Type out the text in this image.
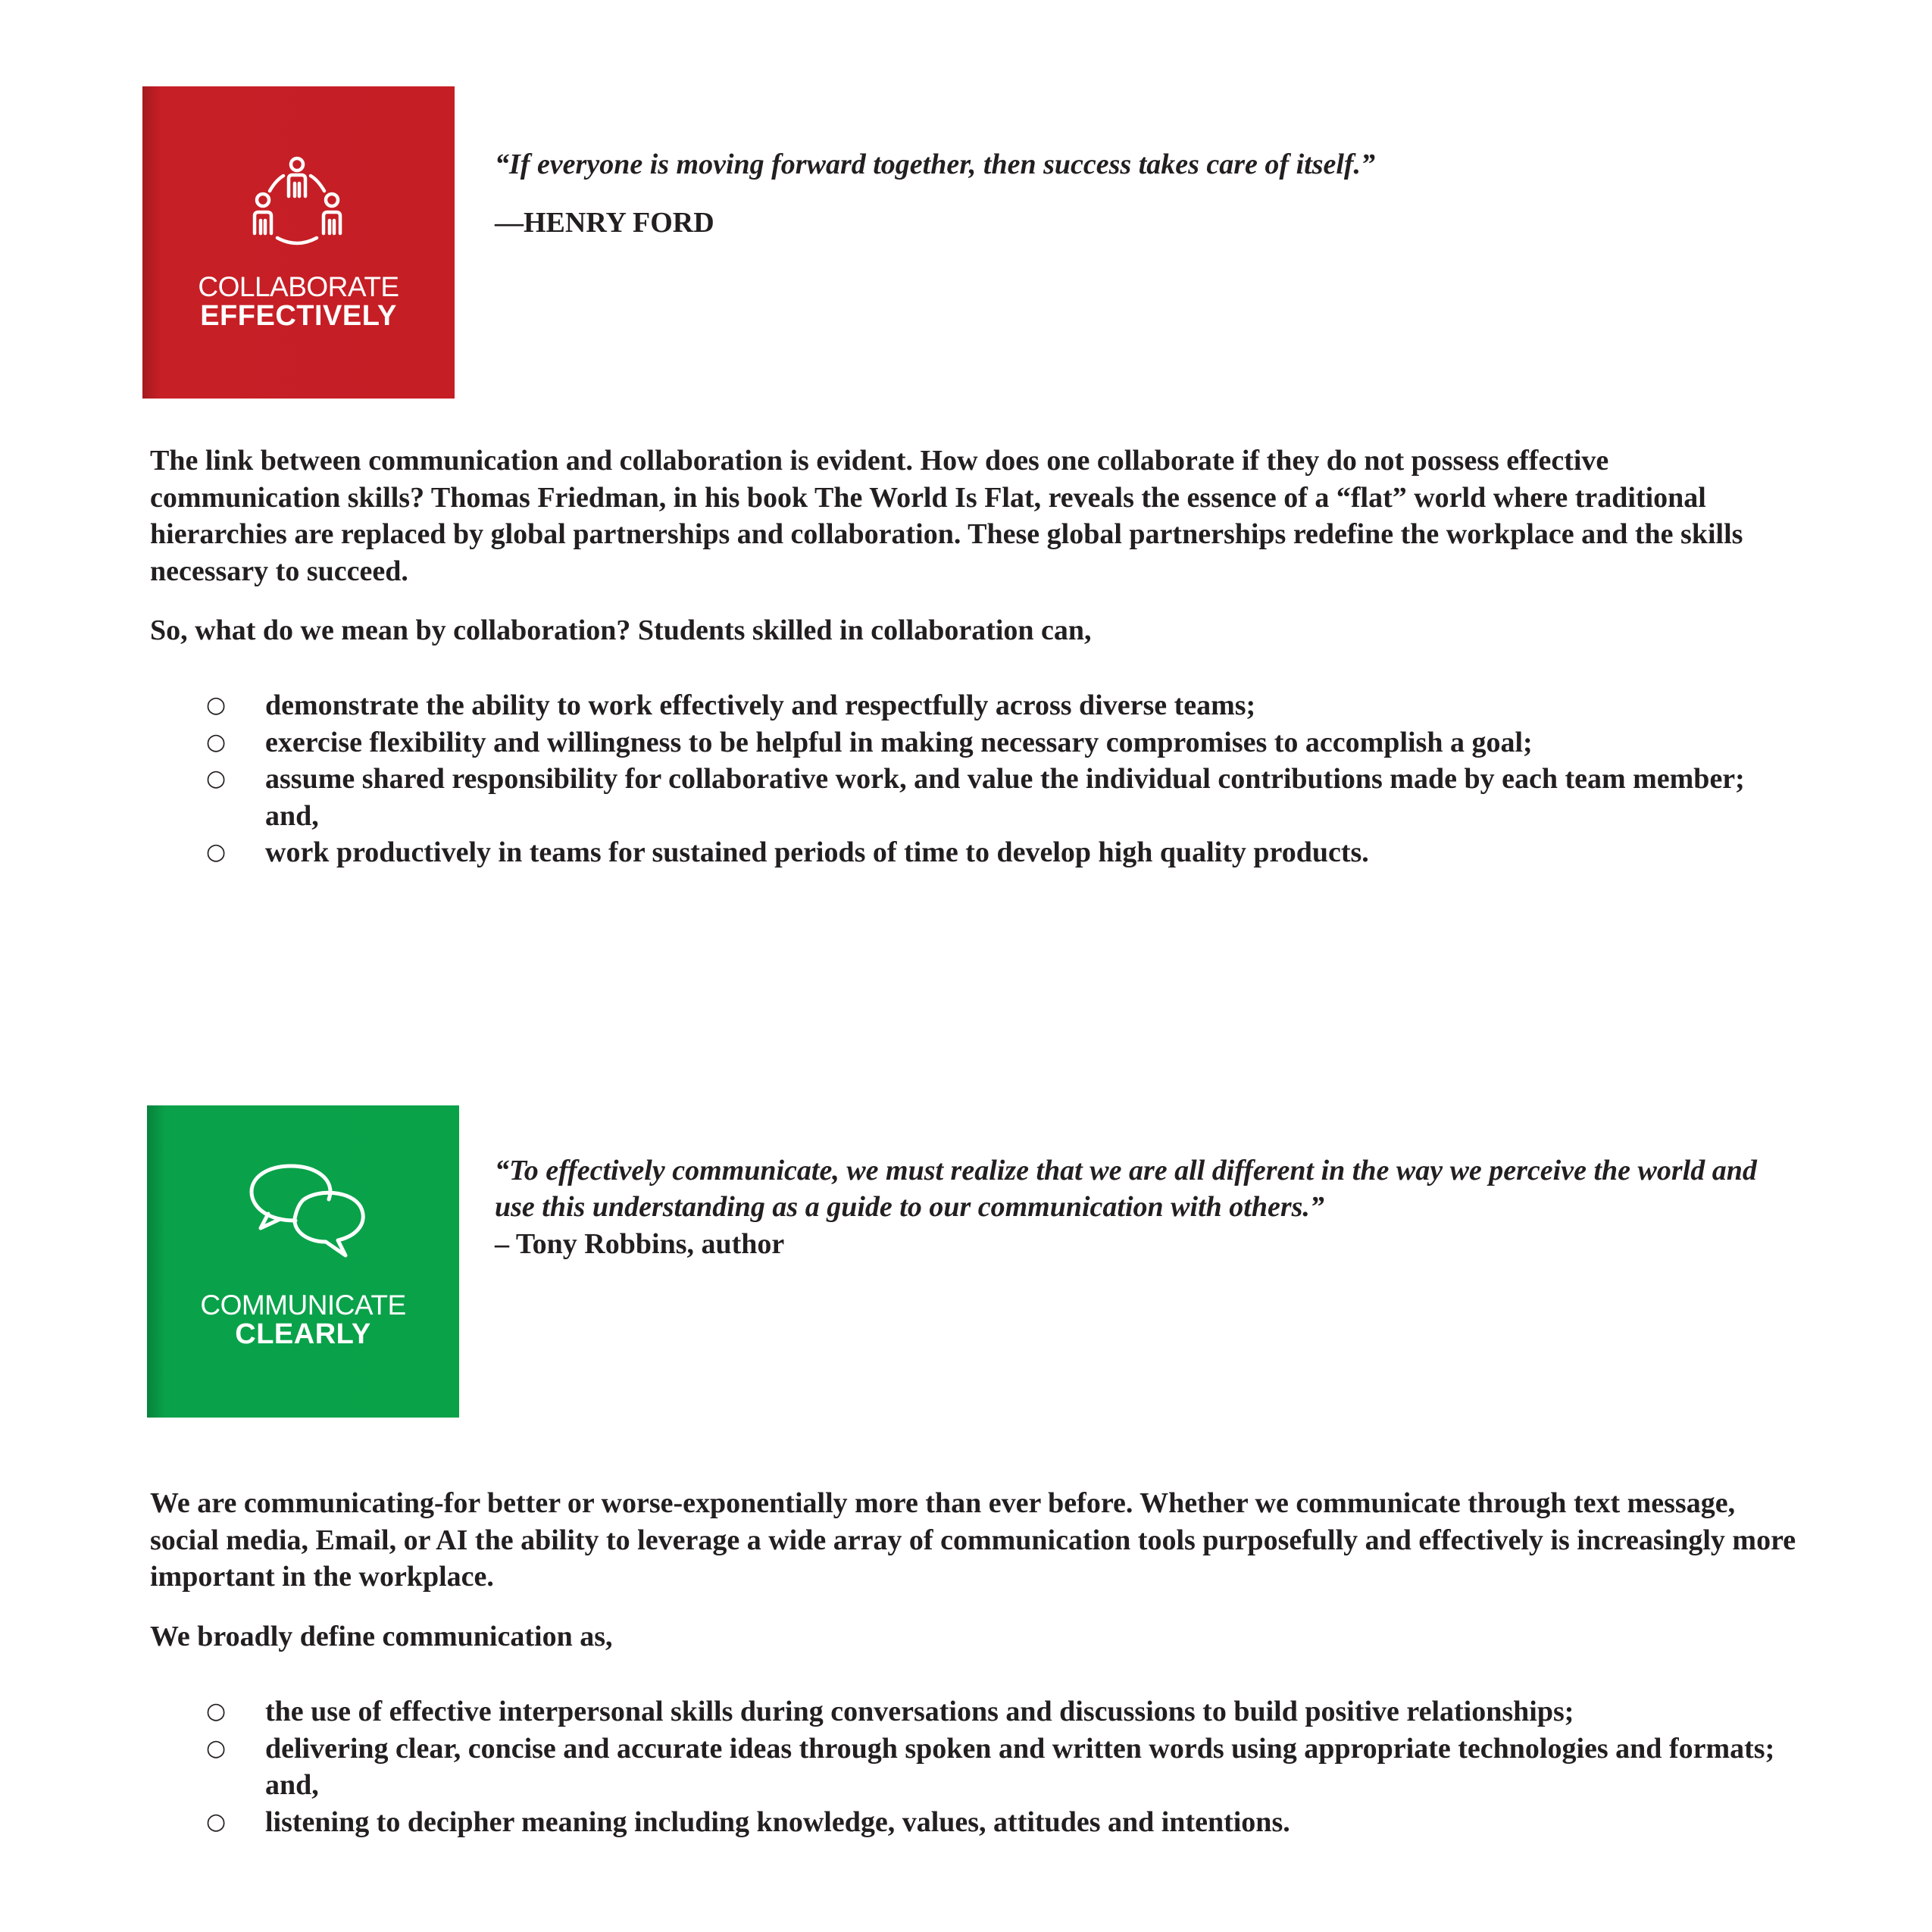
COLLABORATE
EFFECTIVELY

“If everyone is moving forward together, then success takes care of itself.”

—HENRY FORD

The link between communication and collaboration is evident. How does one collaborate if they do not possess effective communication skills? Thomas Friedman, in his book The World Is Flat, reveals the essence of a “flat” world where traditional hierarchies are replaced by global partnerships and collaboration. These global partnerships redefine the workplace and the skills necessary to succeed.

So, what do we mean by collaboration? Students skilled in collaboration can,

○ demonstrate the ability to work effectively and respectfully across diverse teams;
○ exercise flexibility and willingness to be helpful in making necessary compromises to accomplish a goal;
○ assume shared responsibility for collaborative work, and value the individual contributions made by each team member; and,
○ work productively in teams for sustained periods of time to develop high quality products.
COMMUNICATE
CLEARLY

“To effectively communicate, we must realize that we are all different in the way we perceive the world and use this understanding as a guide to our communication with others.”

– Tony Robbins, author

We are communicating-for better or worse-exponentially more than ever before. Whether we communicate through text message, social media, Email, or AI the ability to leverage a wide array of communication tools purposefully and effectively is increasingly more important in the workplace.

We broadly define communication as,

○ the use of effective interpersonal skills during conversations and discussions to build positive relationships;
○ delivering clear, concise and accurate ideas through spoken and written words using appropriate technologies and formats; and,
○ listening to decipher meaning including knowledge, values, attitudes and intentions.
